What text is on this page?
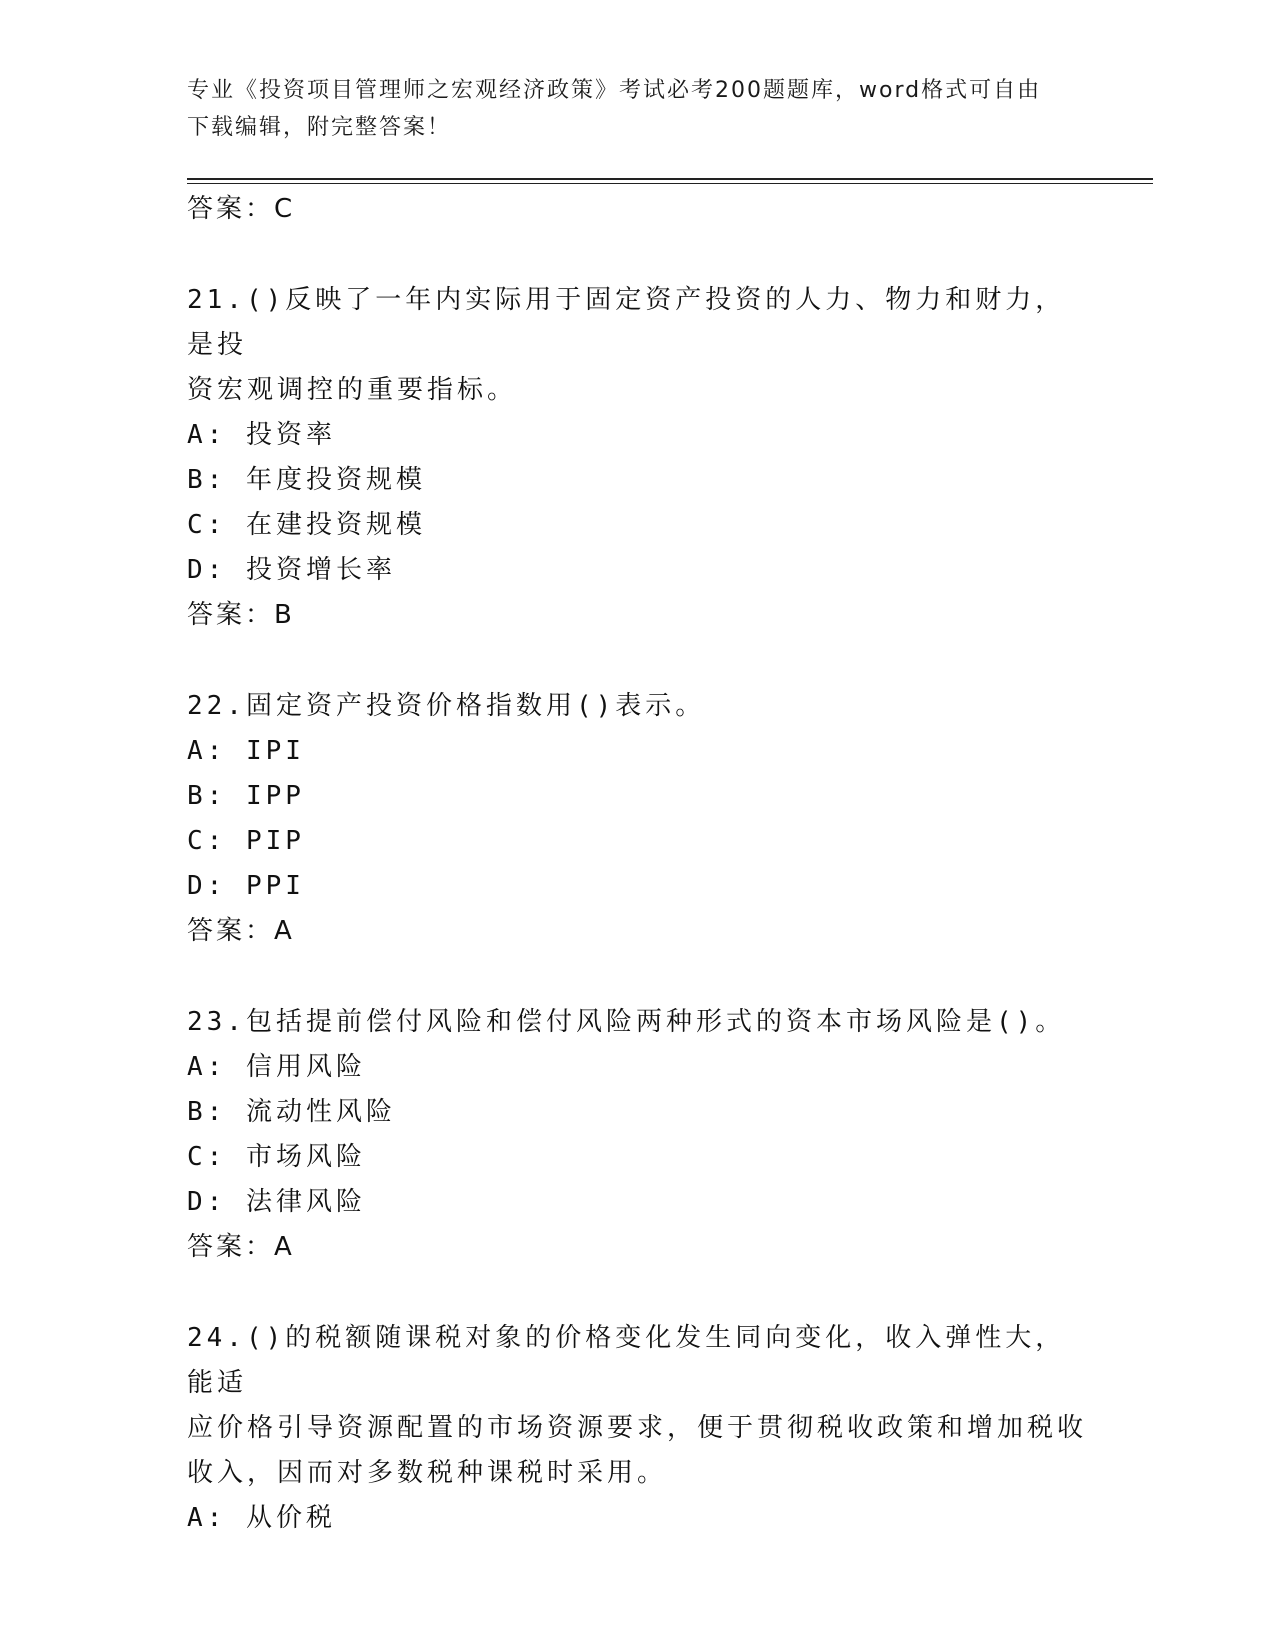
专业《投资项目管理师之宏观经济政策》考试必考200题题库，word格式可自由
下载编辑，附完整答案！

答案：C

21.()反映了一年内实际用于固定资产投资的人力、物力和财力，是投

资宏观调控的重要指标。

A: 投资率

B: 年度投资规模

C: 在建投资规模

D: 投资增长率

答案：B

22.固定资产投资价格指数用()表示。

A: IPI

B: IPP

C: PIP

D: PPI

答案：A

23.包括提前偿付风险和偿付风险两种形式的资本市场风险是()。

A: 信用风险

B: 流动性风险

C: 市场风险

D: 法律风险

答案：A

24.()的税额随课税对象的价格变化发生同向变化，收入弹性大，能适

应价格引导资源配置的市场资源要求，便于贯彻税收政策和增加税收

收入，因而对多数税种课税时采用。

A: 从价税
